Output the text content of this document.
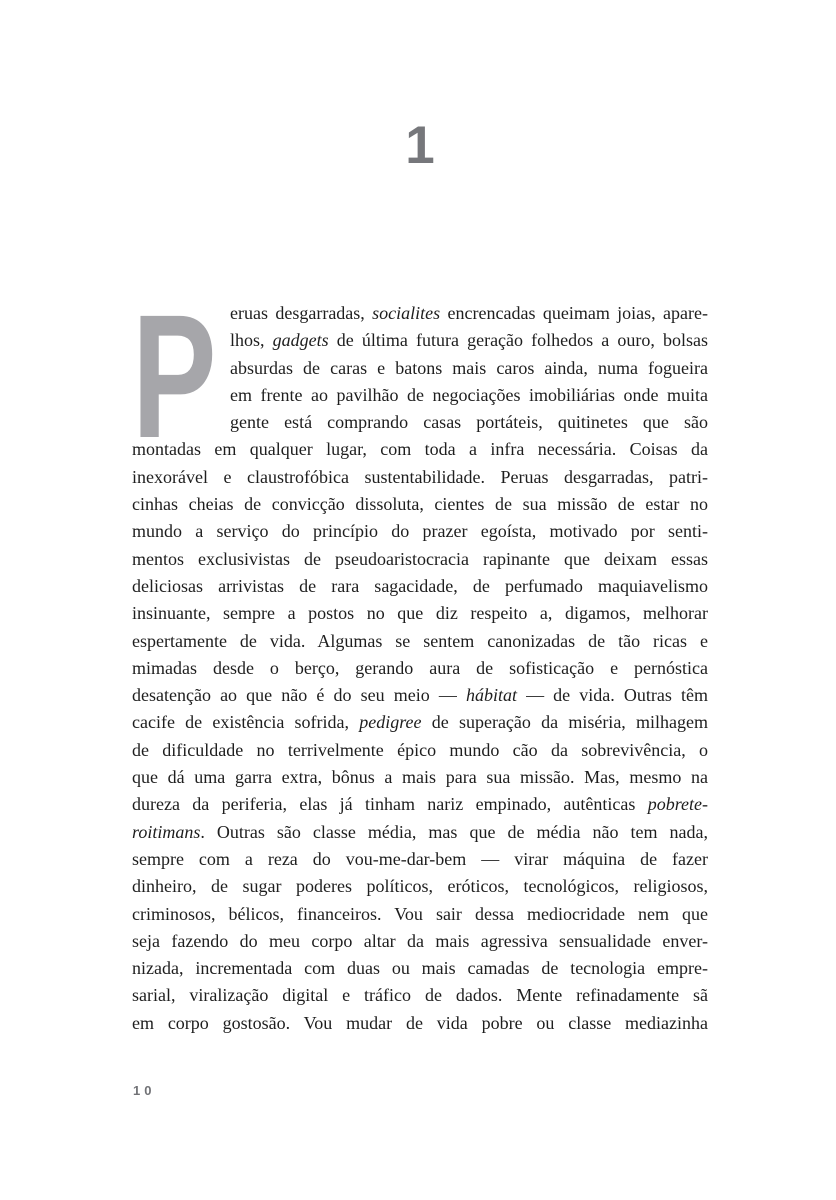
1
P eruas desgarradas, socialites encrencadas queimam joias, apare-
lhos, gadgets de última futura geração folhedos a ouro, bolsas
absurdas de caras e batons mais caros ainda, numa fogueira
em frente ao pavilhão de negociações imobiliárias onde muita
gente está comprando casas portáteis, quitinetes que são
montadas em qualquer lugar, com toda a infra necessária. Coisas da
inexorável e claustrofóbica sustentabilidade. Peruas desgarradas, patri-
cinhas cheias de convicção dissoluta, cientes de sua missão de estar no
mundo a serviço do princípio do prazer egoísta, motivado por senti-
mentos exclusivistas de pseudoaristocracia rapinante que deixam essas
deliciosas arrivistas de rara sagacidade, de perfumado maquiavelismo
insinuante, sempre a postos no que diz respeito a, digamos, melhorar
espertamente de vida. Algumas se sentem canonizadas de tão ricas e
mimadas desde o berço, gerando aura de sofisticação e pernóstica
desatenção ao que não é do seu meio — hábitat — de vida. Outras têm
cacife de existência sofrida, pedigree de superação da miséria, milhagem
de dificuldade no terrivelmente épico mundo cão da sobrevivência, o
que dá uma garra extra, bônus a mais para sua missão. Mas, mesmo na
dureza da periferia, elas já tinham nariz empinado, autênticas pobrete-
roitimans. Outras são classe média, mas que de média não tem nada,
sempre com a reza do vou-me-dar-bem — virar máquina de fazer
dinheiro, de sugar poderes políticos, eróticos, tecnológicos, religiosos,
criminosos, bélicos, financeiros. Vou sair dessa mediocridade nem que
seja fazendo do meu corpo altar da mais agressiva sensualidade enver-
nizada, incrementada com duas ou mais camadas de tecnologia empre-
sarial, viralização digital e tráfico de dados. Mente refinadamente sã
em corpo gostosão. Vou mudar de vida pobre ou classe mediazinha
10
